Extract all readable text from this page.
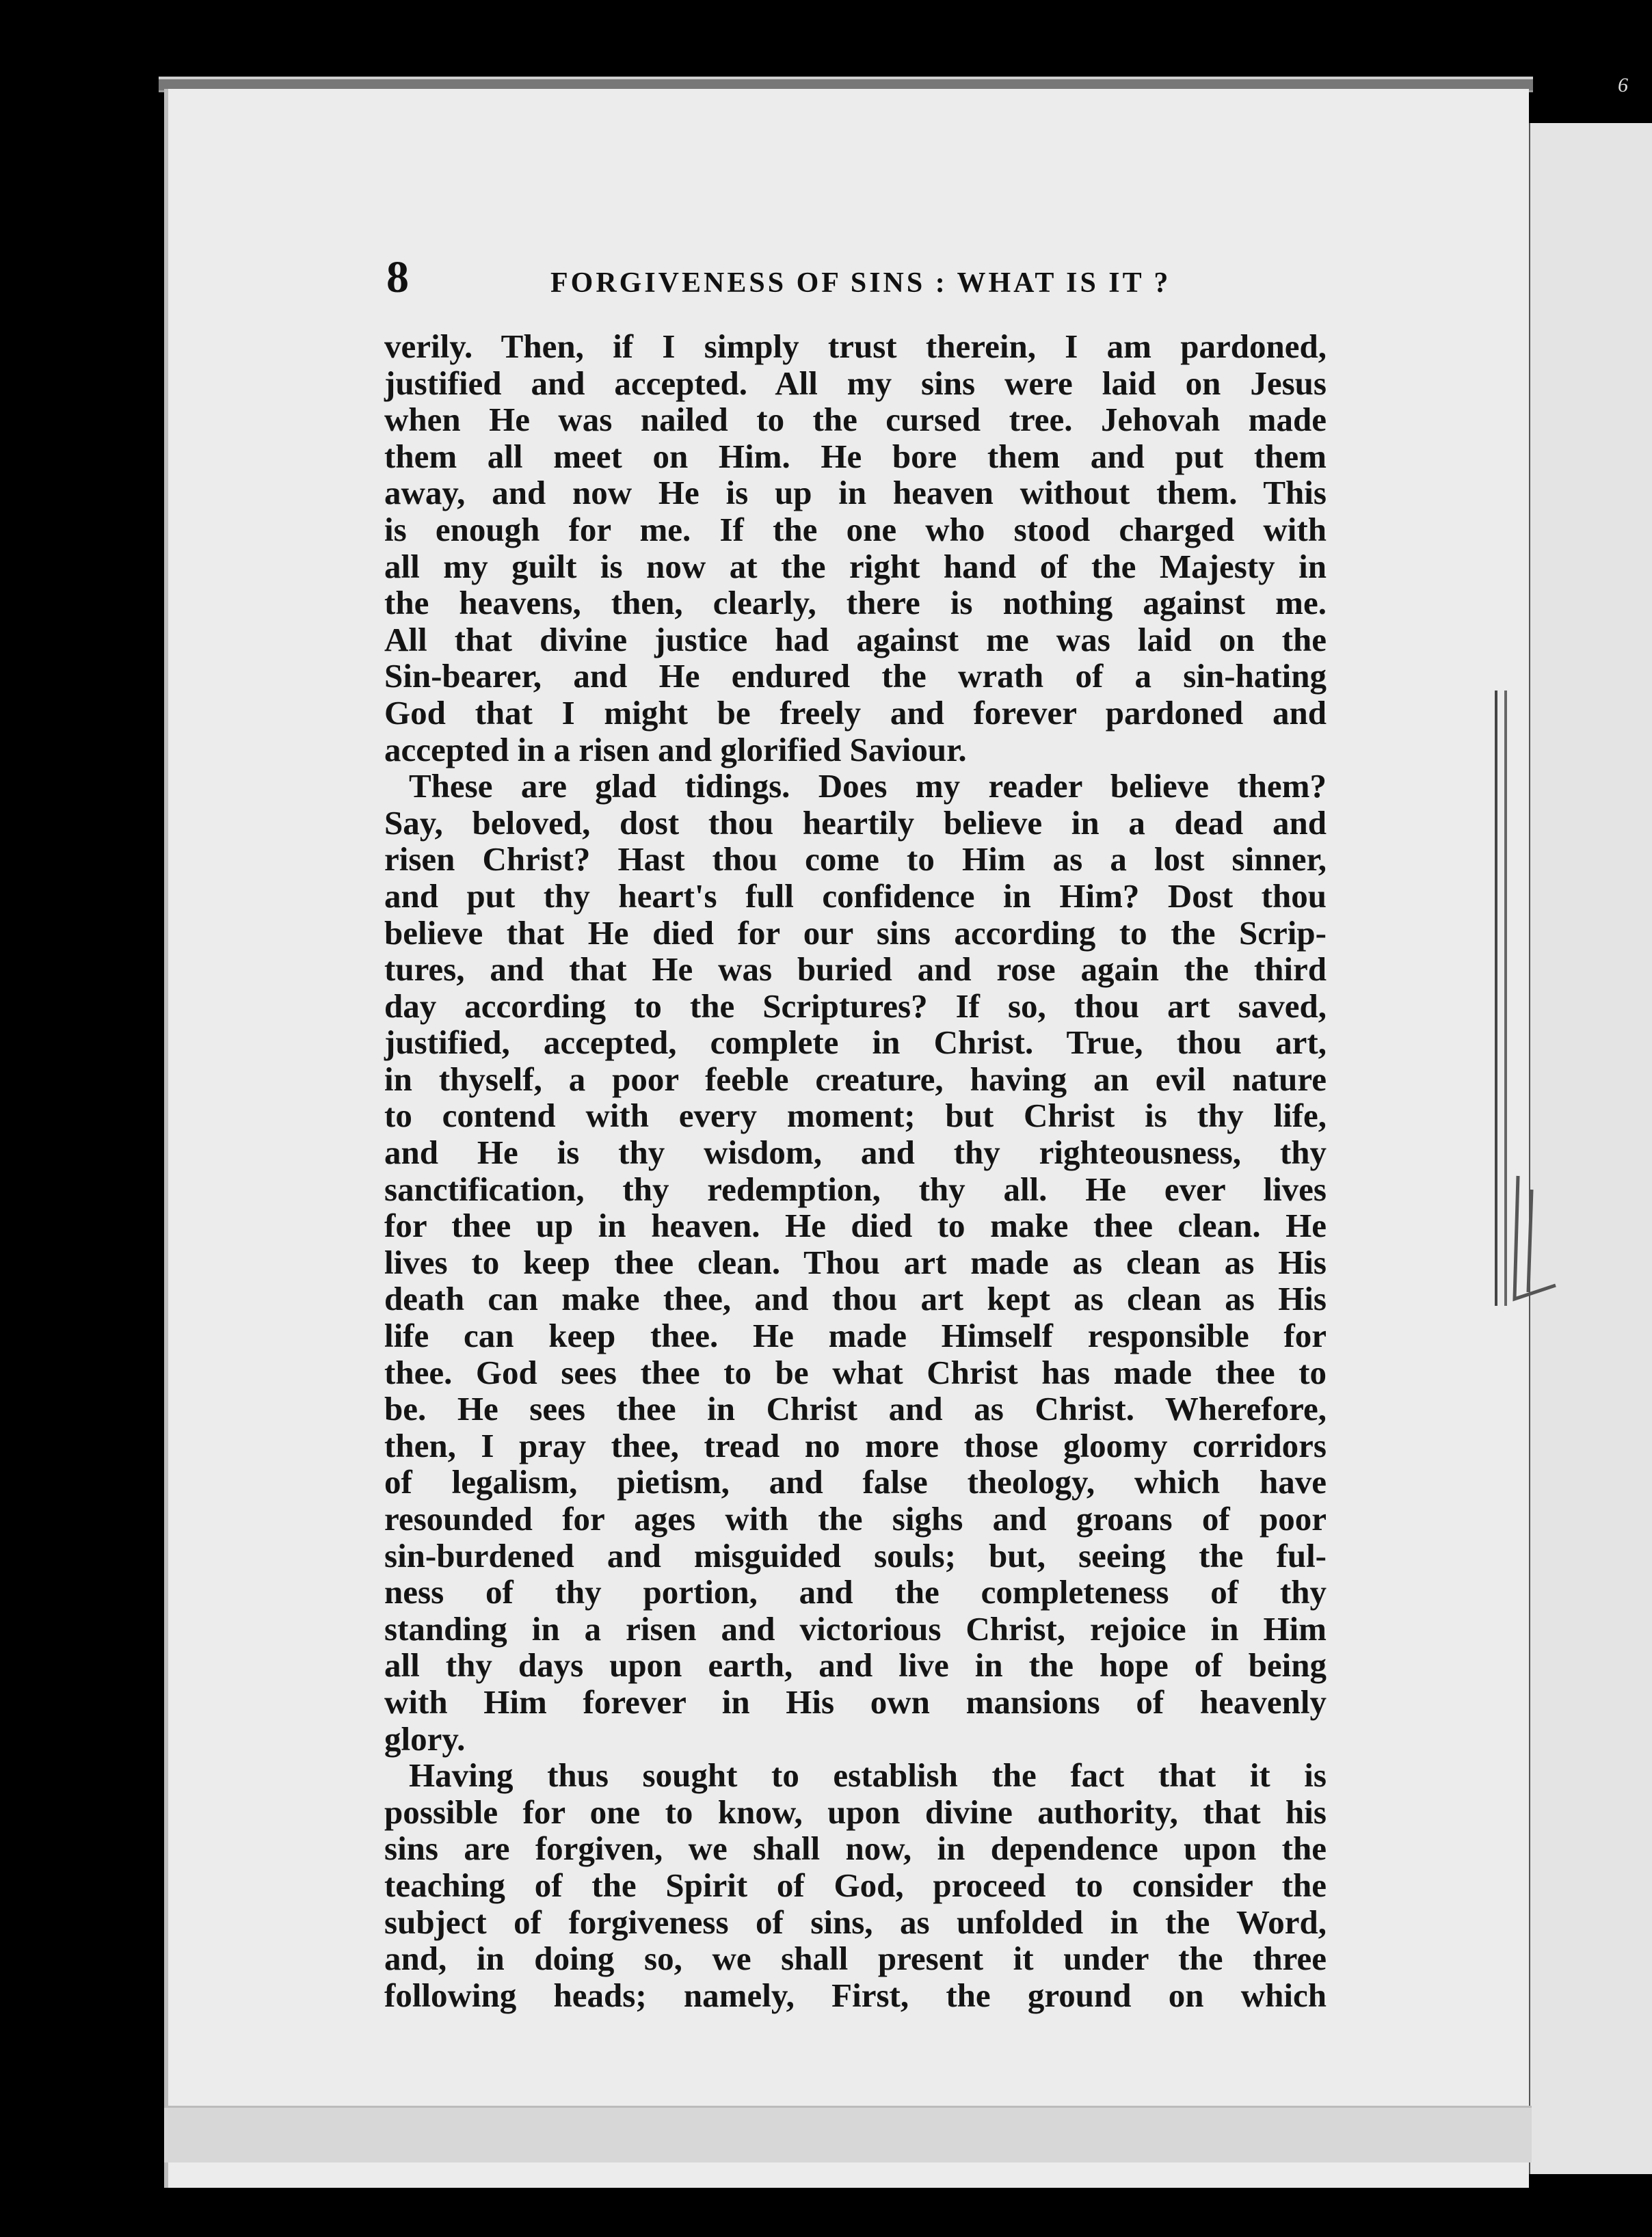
6
8	FORGIVENESS OF SINS : WHAT IS IT ?
verily. Then, if I simply trust therein, I am pardoned,
justified and accepted. All my sins were laid on Jesus
when He was nailed to the cursed tree. Jehovah made
them all meet on Him. He bore them and put them
away, and now He is up in heaven without them. This
is enough for me. If the one who stood charged with
all my guilt is now at the right hand of the Majesty in
the heavens, then, clearly, there is nothing against me.
All that divine justice had against me was laid on the
Sin-bearer, and He endured the wrath of a sin-hating
God that I might be freely and forever pardoned and
accepted in a risen and glorified Saviour.
These are glad tidings. Does my reader believe them?
Say, beloved, dost thou heartily believe in a dead and
risen Christ? Hast thou come to Him as a lost sinner,
and put thy heart's full confidence in Him? Dost thou
believe that He died for our sins according to the Scrip-
tures, and that He was buried and rose again the third
day according to the Scriptures? If so, thou art saved,
justified, accepted, complete in Christ. True, thou art,
in thyself, a poor feeble creature, having an evil nature
to contend with every moment; but Christ is thy life,
and He is thy wisdom, and thy righteousness, thy
sanctification, thy redemption, thy all. He ever lives
for thee up in heaven. He died to make thee clean. He
lives to keep thee clean. Thou art made as clean as His
death can make thee, and thou art kept as clean as His
life can keep thee. He made Himself responsible for
thee. God sees thee to be what Christ has made thee to
be. He sees thee in Christ and as Christ. Wherefore,
then, I pray thee, tread no more those gloomy corridors
of legalism, pietism, and false theology, which have
resounded for ages with the sighs and groans of poor
sin-burdened and misguided souls; but, seeing the ful-
ness of thy portion, and the completeness of thy
standing in a risen and victorious Christ, rejoice in Him
all thy days upon earth, and live in the hope of being
with Him forever in His own mansions of heavenly
glory.
Having thus sought to establish the fact that it is
possible for one to know, upon divine authority, that his
sins are forgiven, we shall now, in dependence upon the
teaching of the Spirit of God, proceed to consider the
subject of forgiveness of sins, as unfolded in the Word,
and, in doing so, we shall present it under the three
following heads; namely, First, the ground on which
